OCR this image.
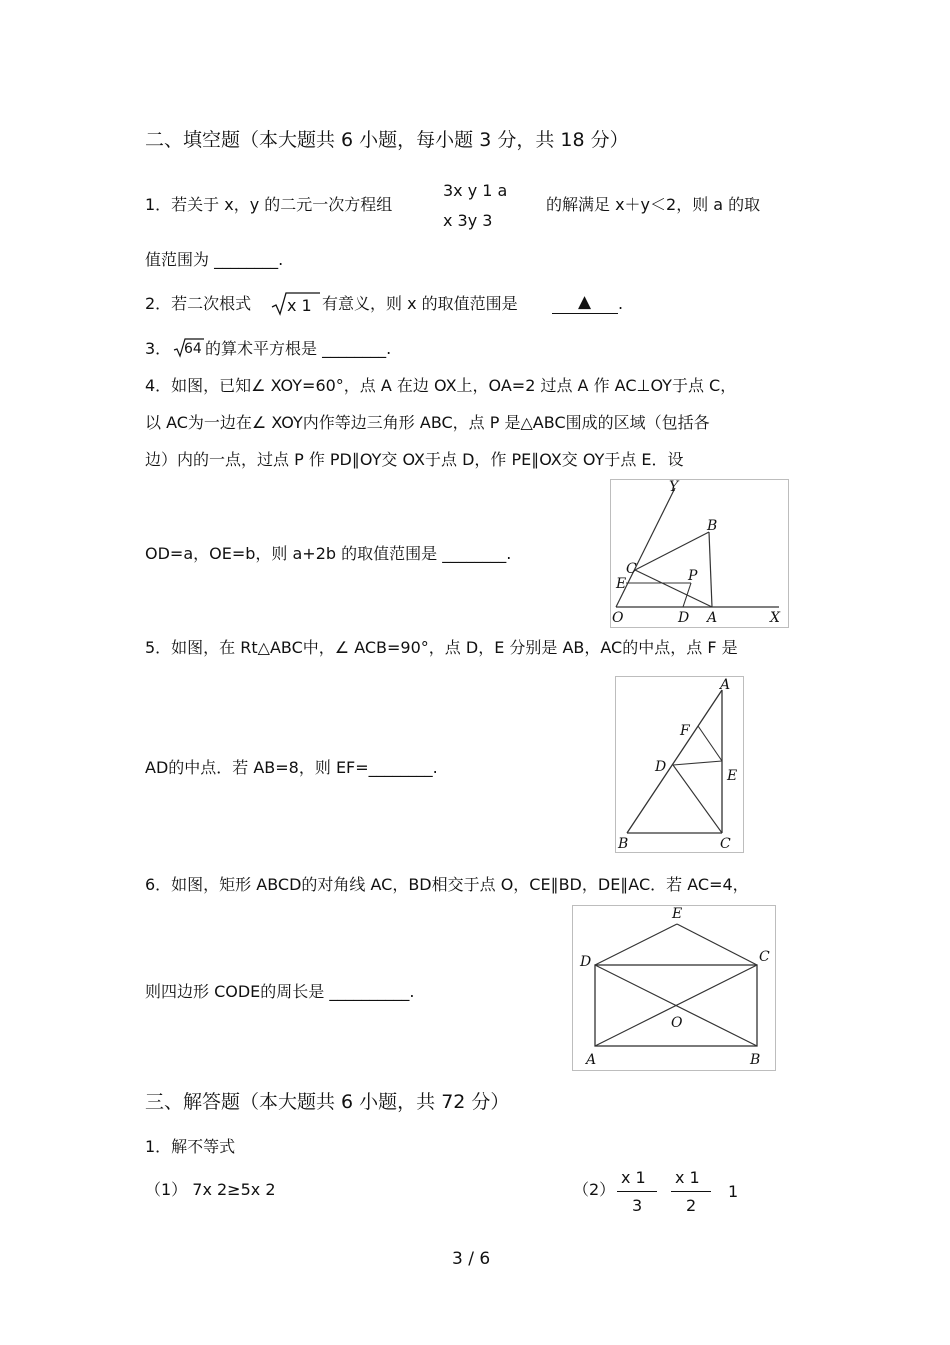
二、填空题（本大题共 6 小题，每小题 3 分，共 18 分）
1．若关于 x，y 的二元一次方程组
3x y 1 a
x 3y 3
的解满足 x＋y＜2，则 a 的取
值范围为 ________.
2．若二次根式 x 1 有意义，则 x 的取值范围是	▲ .
3． 64 的算术平方根是 ________.
4．如图，已知∠ XOY=60°，点 A 在边 OX上，OA=2 过点 A 作 AC⊥OY于点 C，
以 AC为一边在∠ XOY内作等边三角形 ABC，点 P 是△ABC围成的区域（包括各
边）内的一点，过点 P 作 PD∥OY交 OX于点 D，作 PE∥OX交 OY于点 E．设
OD=a，OE=b，则 a+2b 的取值范围是 ________.
Y
B
C	P
E
O	D A	X
5．如图，在 Rt△ABC中，∠ ACB=90°，点 D，E 分别是 AB，AC的中点，点 F 是
AD的中点．若 AB=8，则 EF=________.
A
F
D
E
B	C
6．如图，矩形 ABCD的对角线 AC，BD相交于点 O，CE∥BD，DE∥AC．若 AC=4，
则四边形 CODE的周长是 __________.
E
D	C
O
A	B
三、解答题（本大题共 6 小题，共 72 分）
1．解不等式
（1） 7x 2≥5x 2	（2）
x 1
3
x 1
2
1
3 / 6
